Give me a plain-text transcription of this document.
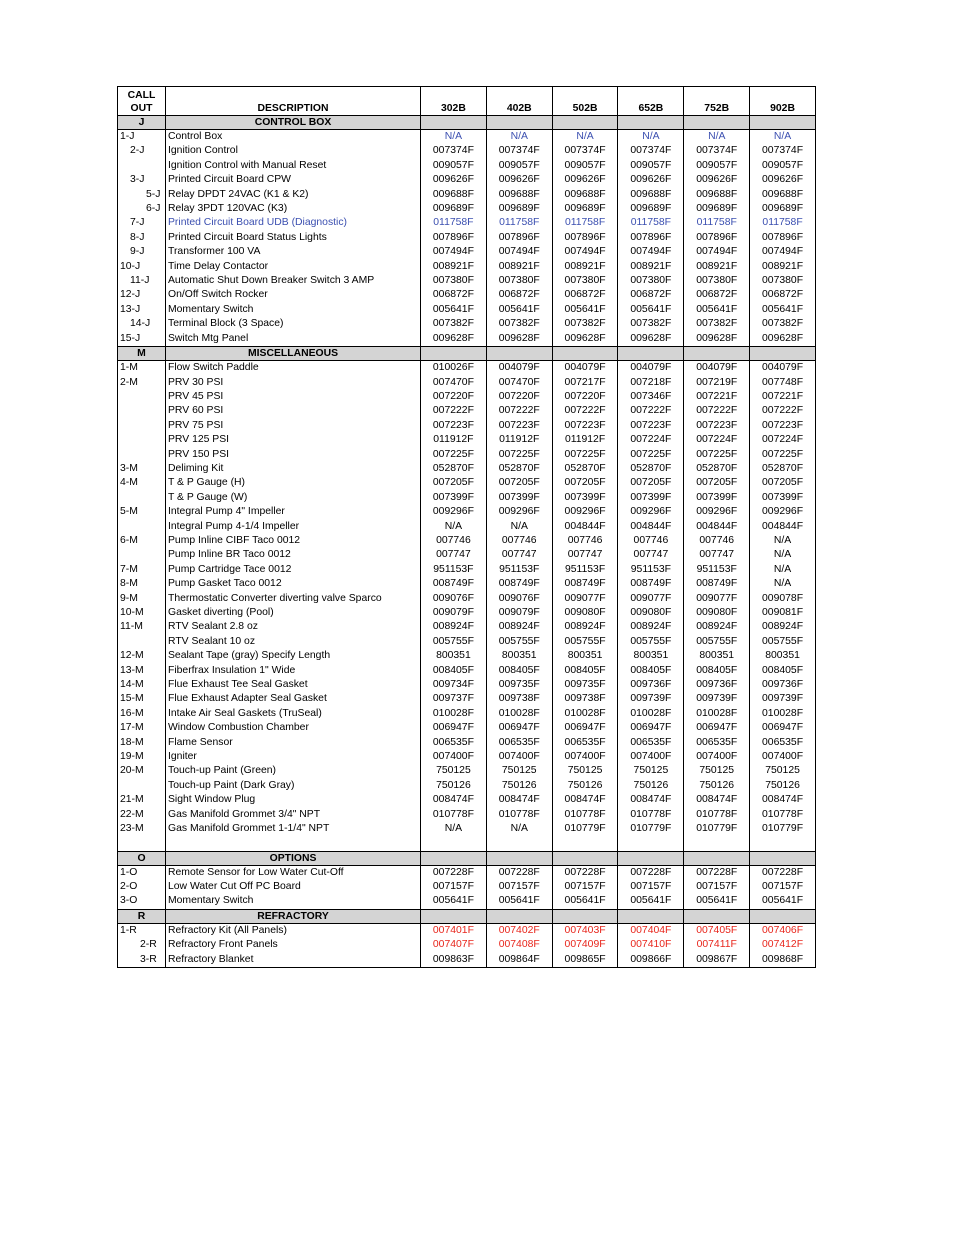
CALL
OUT	DESCRIPTION	302B	402B	502B	652B	752B	902B
J	CONTROL BOX						
1-J	Control Box	N/A	N/A	N/A	N/A	N/A	N/A
2-J	Ignition Control	007374F	007374F	007374F	007374F	007374F	007374F
	Ignition Control with Manual Reset	009057F	009057F	009057F	009057F	009057F	009057F
3-J	Printed Circuit Board CPW	009626F	009626F	009626F	009626F	009626F	009626F
5-J	Relay DPDT 24VAC (K1 & K2)	009688F	009688F	009688F	009688F	009688F	009688F
6-J	Relay 3PDT 120VAC (K3)	009689F	009689F	009689F	009689F	009689F	009689F
7-J	Printed Circuit Board UDB (Diagnostic)	011758F	011758F	011758F	011758F	011758F	011758F
8-J	Printed Circuit Board Status Lights	007896F	007896F	007896F	007896F	007896F	007896F
9-J	Transformer 100 VA	007494F	007494F	007494F	007494F	007494F	007494F
10-J	Time Delay Contactor	008921F	008921F	008921F	008921F	008921F	008921F
11-J	Automatic Shut Down Breaker Switch 3 AMP	007380F	007380F	007380F	007380F	007380F	007380F
12-J	On/Off Switch Rocker	006872F	006872F	006872F	006872F	006872F	006872F
13-J	Momentary Switch	005641F	005641F	005641F	005641F	005641F	005641F
14-J	Terminal Block (3 Space)	007382F	007382F	007382F	007382F	007382F	007382F
15-J	Switch Mtg Panel	009628F	009628F	009628F	009628F	009628F	009628F
M	MISCELLANEOUS						
1-M	Flow Switch Paddle	010026F	004079F	004079F	004079F	004079F	004079F
2-M	PRV 30 PSI	007470F	007470F	007217F	007218F	007219F	007748F
	PRV 45 PSI	007220F	007220F	007220F	007346F	007221F	007221F
	PRV 60 PSI	007222F	007222F	007222F	007222F	007222F	007222F
	PRV 75 PSI	007223F	007223F	007223F	007223F	007223F	007223F
	PRV 125 PSI	011912F	011912F	011912F	007224F	007224F	007224F
	PRV 150 PSI	007225F	007225F	007225F	007225F	007225F	007225F
3-M	Deliming Kit	052870F	052870F	052870F	052870F	052870F	052870F
4-M	T & P Gauge (H)	007205F	007205F	007205F	007205F	007205F	007205F
	T & P Gauge (W)	007399F	007399F	007399F	007399F	007399F	007399F
5-M	Integral Pump 4" Impeller	009296F	009296F	009296F	009296F	009296F	009296F
	Integral Pump 4-1/4 Impeller	N/A	N/A	004844F	004844F	004844F	004844F
6-M	Pump Inline CIBF Taco 0012	007746	007746	007746	007746	007746	N/A
	Pump Inline BR Taco 0012	007747	007747	007747	007747	007747	N/A
7-M	Pump Cartridge Tace 0012	951153F	951153F	951153F	951153F	951153F	N/A
8-M	Pump Gasket Taco 0012	008749F	008749F	008749F	008749F	008749F	N/A
9-M	Thermostatic Converter diverting valve Sparco	009076F	009076F	009077F	009077F	009077F	009078F
10-M	Gasket diverting (Pool)	009079F	009079F	009080F	009080F	009080F	009081F
11-M	RTV Sealant 2.8 oz	008924F	008924F	008924F	008924F	008924F	008924F
	RTV Sealant 10 oz	005755F	005755F	005755F	005755F	005755F	005755F
12-M	Sealant Tape (gray) Specify Length	800351	800351	800351	800351	800351	800351
13-M	Fiberfrax Insulation 1" Wide	008405F	008405F	008405F	008405F	008405F	008405F
14-M	Flue Exhaust Tee Seal Gasket	009734F	009735F	009735F	009736F	009736F	009736F
15-M	Flue Exhaust Adapter Seal Gasket	009737F	009738F	009738F	009739F	009739F	009739F
16-M	Intake Air Seal Gaskets (TruSeal)	010028F	010028F	010028F	010028F	010028F	010028F
17-M	Window Combustion Chamber	006947F	006947F	006947F	006947F	006947F	006947F
18-M	Flame Sensor	006535F	006535F	006535F	006535F	006535F	006535F
19-M	Igniter	007400F	007400F	007400F	007400F	007400F	007400F
20-M	Touch-up Paint (Green)	750125	750125	750125	750125	750125	750125
	Touch-up Paint (Dark Gray)	750126	750126	750126	750126	750126	750126
21-M	Sight Window Plug	008474F	008474F	008474F	008474F	008474F	008474F
22-M	Gas Manifold Grommet 3/4" NPT	010778F	010778F	010778F	010778F	010778F	010778F
23-M	Gas Manifold Grommet 1-1/4" NPT	N/A	N/A	010779F	010779F	010779F	010779F

O	OPTIONS						
1-O	Remote Sensor for Low Water Cut-Off	007228F	007228F	007228F	007228F	007228F	007228F
2-O	Low Water Cut Off PC Board	007157F	007157F	007157F	007157F	007157F	007157F
3-O	Momentary Switch	005641F	005641F	005641F	005641F	005641F	005641F
R	REFRACTORY						
1-R	Refractory Kit (All Panels)	007401F	007402F	007403F	007404F	007405F	007406F
2-R	Refractory Front Panels	007407F	007408F	007409F	007410F	007411F	007412F
3-R	Refractory Blanket	009863F	009864F	009865F	009866F	009867F	009868F
